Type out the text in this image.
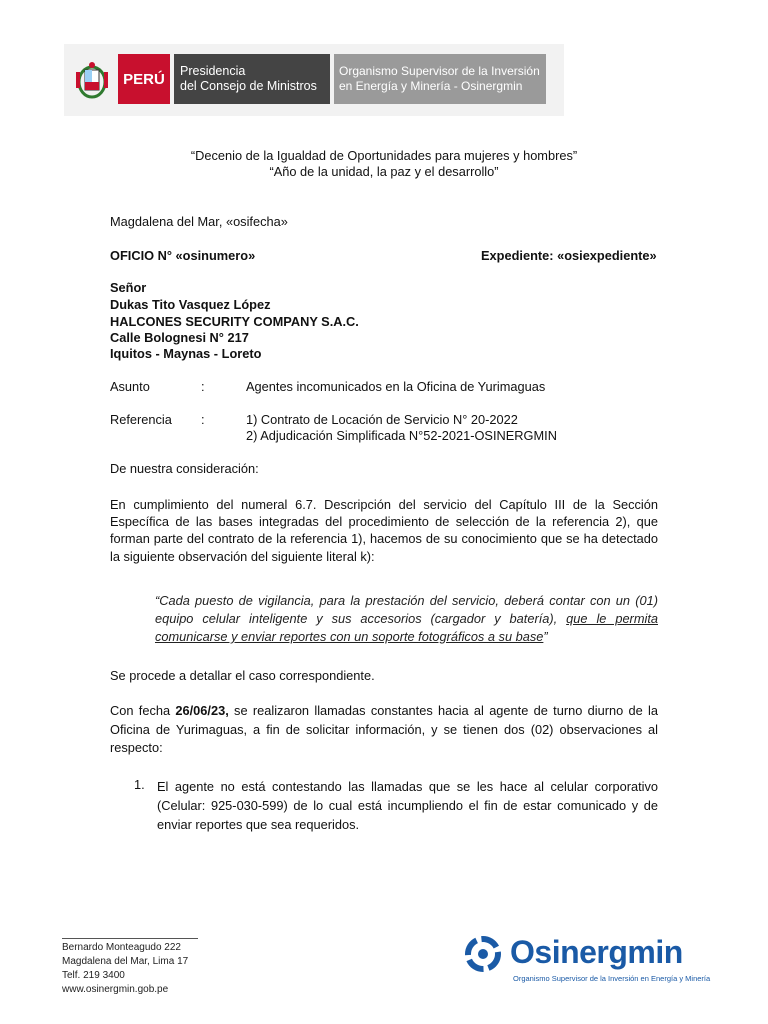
PERÚ	Presidencia
del Consejo de Ministros
Organismo Supervisor de la Inversión
en Energía y Minería - Osinergmin
“Decenio de la Igualdad de Oportunidades para mujeres y hombres”
“Año de la unidad, la paz y el desarrollo”
Magdalena del Mar, «osifecha»
OFICIO N° «osinumero»	Expediente: «osiexpediente»
Señor
Dukas Tito Vasquez López
HALCONES SECURITY COMPANY S.A.C.
Calle Bolognesi N° 217
Iquitos - Maynas - Loreto
Asunto	:	Agentes incomunicados en la Oficina de Yurimaguas
Referencia :	1) Contrato de Locación de Servicio N° 20-2022
2) Adjudicación Simplificada N°52-2021-OSINERGMIN
De nuestra consideración:
En cumplimiento del numeral 6.7. Descripción del servicio del Capítulo III de la Sección Específica de las bases integradas del procedimiento de selección de la referencia 2), que forman parte del contrato de la referencia 1), hacemos de su conocimiento que se ha detectado la siguiente observación del siguiente literal k):
“Cada puesto de vigilancia, para la prestación del servicio, deberá contar con un (01) equipo celular inteligente y sus accesorios (cargador y batería), que le permita comunicarse y enviar reportes con un soporte fotográficos a su base”
Se procede a detallar el caso correspondiente.
Con fecha 26/06/23, se realizaron llamadas constantes hacia al agente de turno diurno de la Oficina de Yurimaguas, a fin de solicitar información, y se tienen dos (02) observaciones al respecto:
1. El agente no está contestando las llamadas que se les hace al celular corporativo (Celular: 925-030-599) de lo cual está incumpliendo el fin de estar comunicado y de enviar reportes que sea requeridos.
Bernardo Monteagudo 222
Magdalena del Mar, Lima 17
Telf. 219 3400
www.osinergmin.gob.pe
Osinergmin
Organismo Supervisor de la Inversión en Energía y Minería
